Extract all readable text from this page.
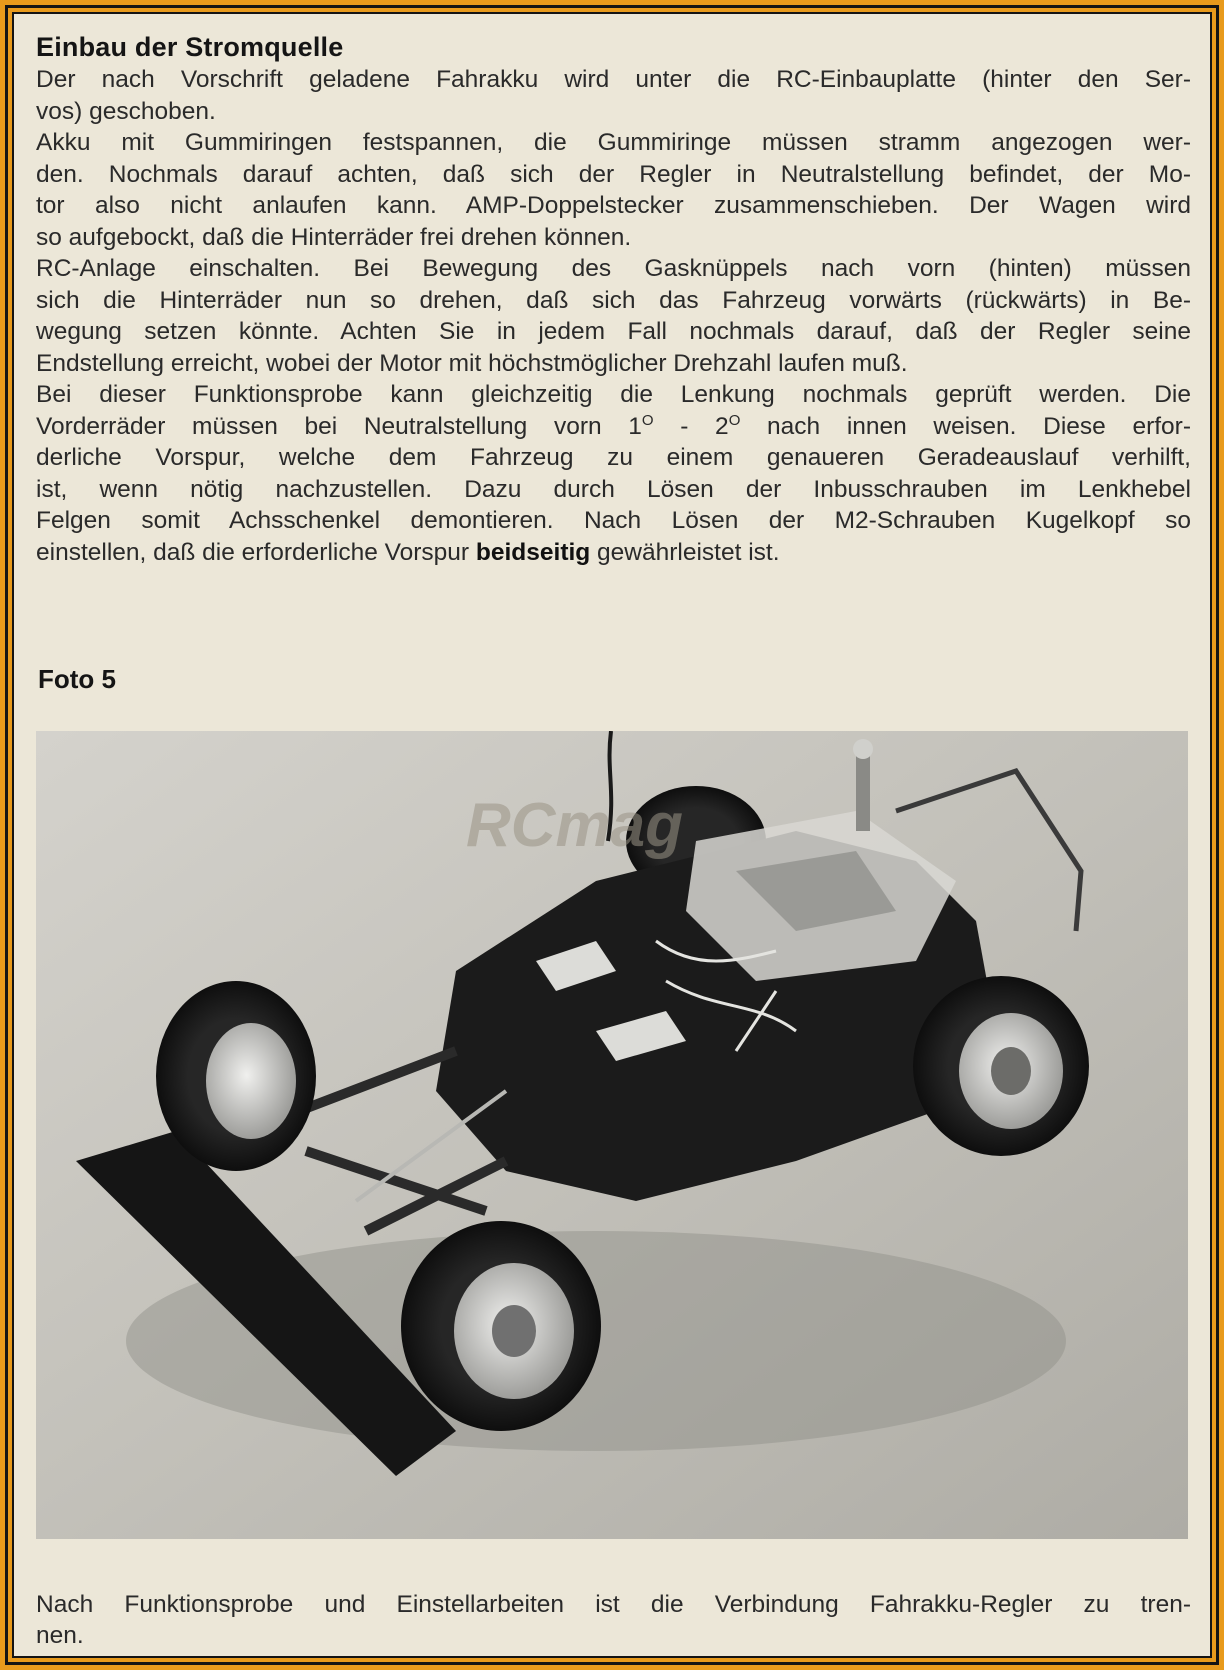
Einbau der Stromquelle
Der nach Vorschrift geladene Fahrakku wird unter die RC-Einbauplatte (hinter den Ser-
vos) geschoben.
Akku mit Gummiringen festspannen, die Gummiringe müssen stramm angezogen wer-
den. Nochmals darauf achten, daß sich der Regler in Neutralstellung befindet, der Mo-
tor also nicht anlaufen kann. AMP-Doppelstecker zusammenschieben. Der Wagen wird
so aufgebockt, daß die Hinterräder frei drehen können.
RC-Anlage einschalten. Bei Bewegung des Gasknüppels nach vorn (hinten) müssen
sich die Hinterräder nun so drehen, daß sich das Fahrzeug vorwärts (rückwärts) in Be-
wegung setzen könnte. Achten Sie in jedem Fall nochmals darauf, daß der Regler seine
Endstellung erreicht, wobei der Motor mit höchstmöglicher Drehzahl laufen muß.
Bei dieser Funktionsprobe kann gleichzeitig die Lenkung nochmals geprüft werden. Die
Vorderräder müssen bei Neutralstellung vorn $1^O - 2^O$ nach innen weisen. Diese erfor-
derliche Vorspur, welche dem Fahrzeug zu einem genaueren Geradeauslauf verhilft,
ist, wenn nötig nachzustellen. Dazu durch Lösen der Inbusschrauben im Lenkhebel
Felgen somit Achsschenkel demontieren. Nach Lösen der M2-Schrauben Kugelkopf so
einstellen, daß die erforderliche Vorspur beidseitig gewährleistet ist.
Foto 5
RCmag
Nach Funktionsprobe und Einstellarbeiten ist die Verbindung Fahrakku-Regler zu tren-
nen.
